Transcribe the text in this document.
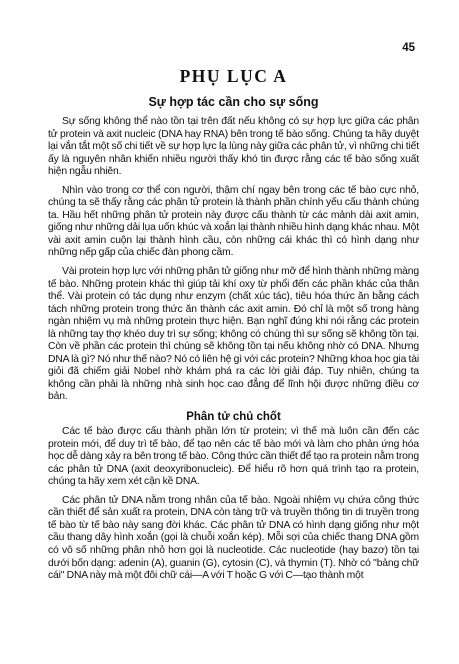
45
PHỤ LỤC A
Sự hợp tác cần cho sự sống

Sự sống không thể nào tồn tại trên đất nếu không có sự hợp lực giữa các phân tử protein và axit nucleic (DNA hay RNA) bên trong tế bào sống. Chúng ta hãy duyệt lại vắn tắt một số chi tiết về sự hợp lực lạ lùng này giữa các phân tử, vì những chi tiết ấy là nguyên nhân khiến nhiều người thấy khó tin được rằng các tế bào sống xuất hiện ngẫu nhiên.

Nhìn vào trong cơ thể con người, thậm chí ngay bên trong các tế bào cực nhỏ, chúng ta sẽ thấy rằng các phân tử protein là thành phần chính yếu cấu thành chúng ta. Hầu hết những phân tử protein này được cấu thành từ các mảnh dài axit amin, giống như những dải lụa uốn khúc và xoắn lại thành nhiều hình dạng khác nhau. Một vài axit amin cuộn lại thành hình cầu, còn những cái khác thì có hình dạng như những nếp gấp của chiếc đàn phong cầm.

Vài protein hợp lực với những phân tử giống như mỡ để hình thành những màng tế bào. Những protein khác thì giúp tải khí oxy từ phổi đến các phần khác của thân thể. Vài protein có tác dụng như enzym (chất xúc tác), tiêu hóa thức ăn bằng cách tách những protein trong thức ăn thành các axit amin. Đó chỉ là một số trong hàng ngàn nhiệm vụ mà những protein thực hiện. Bạn nghĩ đúng khi nói rằng các protein là những tay thợ khéo duy trì sự sống; không có chúng thì sự sống sẽ không tồn tại. Còn về phần các protein thì chúng sẽ không tồn tại nếu không nhờ có DNA. Nhưng DNA là gì? Nó như thế nào? Nó có liên hệ gì với các protein? Những khoa học gia tài giỏi đã chiếm giải Nobel nhờ khám phá ra các lời giải đáp. Tuy nhiên, chúng ta không cần phải là những nhà sinh học cao đẳng để lĩnh hội được những điều cơ bản.

Phân tử chủ chốt

Các tế bào được cấu thành phần lớn từ protein; vì thế mà luôn cần đến các protein mới, để duy trì tế bào, để tạo nên các tế bào mới và làm cho phản ứng hóa học dễ dàng xảy ra bên trong tế bào. Công thức cần thiết để tạo ra protein nằm trong các phân tử DNA (axit deoxyribonucleic). Để hiểu rõ hơn quá trình tạo ra protein, chúng ta hãy xem xét cận kề DNA.

Các phân tử DNA nằm trong nhân của tế bào. Ngoài nhiệm vụ chứa công thức cần thiết để sản xuất ra protein, DNA còn tàng trữ và truyền thông tin di truyền trong tế bào từ tế bào này sang đời khác. Các phân tử DNA có hình dạng giống như một cầu thang dây hình xoắn (gọi là chuỗi xoắn kép). Mỗi sợi của chiếc thang DNA gồm có vô số những phân nhỏ hơn gọi là nucleotide. Các nucleotide (hay bazơ) tồn tại dưới bốn dạng: adenin (A), guanin (G), cytosin (C), và thymin (T). Nhờ có "bảng chữ cái" DNA này mà một đôi chữ cái—A với T hoặc G với C—tạo thành một
